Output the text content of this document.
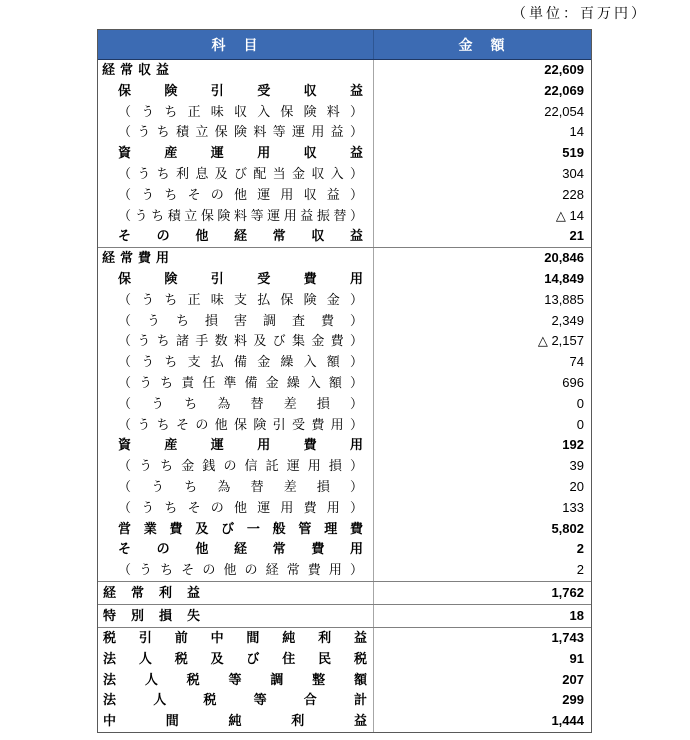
（単位：百万円）
科　目	金　額
経常収益	22,609
保険引受収益	22,069
（うち正味収入保険料）	22,054
（うち積立保険料等運用益）	14
資産運用収益	519
（うち利息及び配当金収入）	304
（うちその他運用収益）	228
（うち積立保険料等運用益振替）	△ 14
その他経常収益	21
経常費用	20,846
保険引受費用	14,849
（うち正味支払保険金）	13,885
（うち損害調査費）	2,349
（うち諸手数料及び集金費）	△ 2,157
（うち支払備金繰入額）	74
（うち責任準備金繰入額）	696
（うち為替差損）	0
（うちその他保険引受費用）	0
資産運用費用	192
（うち金銭の信託運用損）	39
（うち為替差損）	20
（うちその他運用費用）	133
営業費及び一般管理費	5,802
その他経常費用	2
（うちその他の経常費用）	2
経常利益	1,762
特別損失	18
税引前中間純利益	1,743
法人税及び住民税	91
法人税等調整額	207
法人税等合計	299
中間純利益	1,444
